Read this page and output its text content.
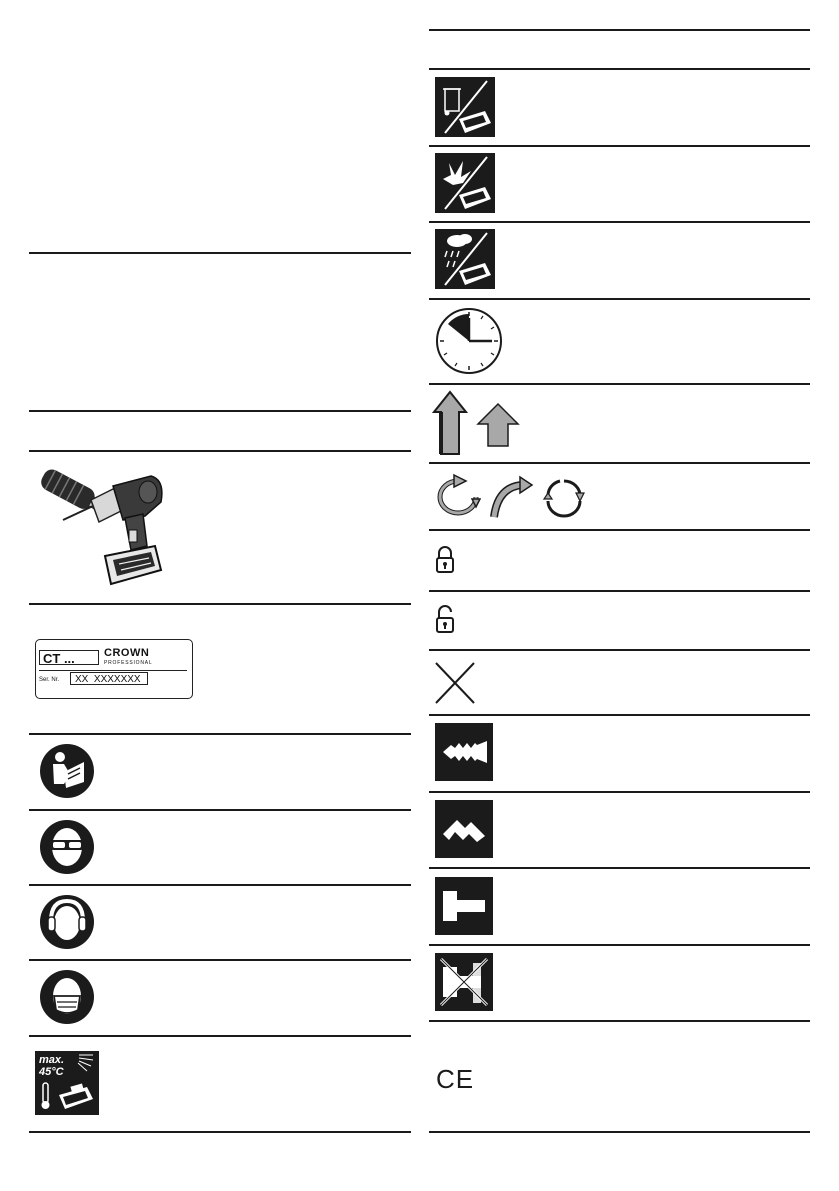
CT ...	CROWN
PROFESSIONAL
Ser. Nr.	XX  XXXXXXX
max.
45°C	CE
